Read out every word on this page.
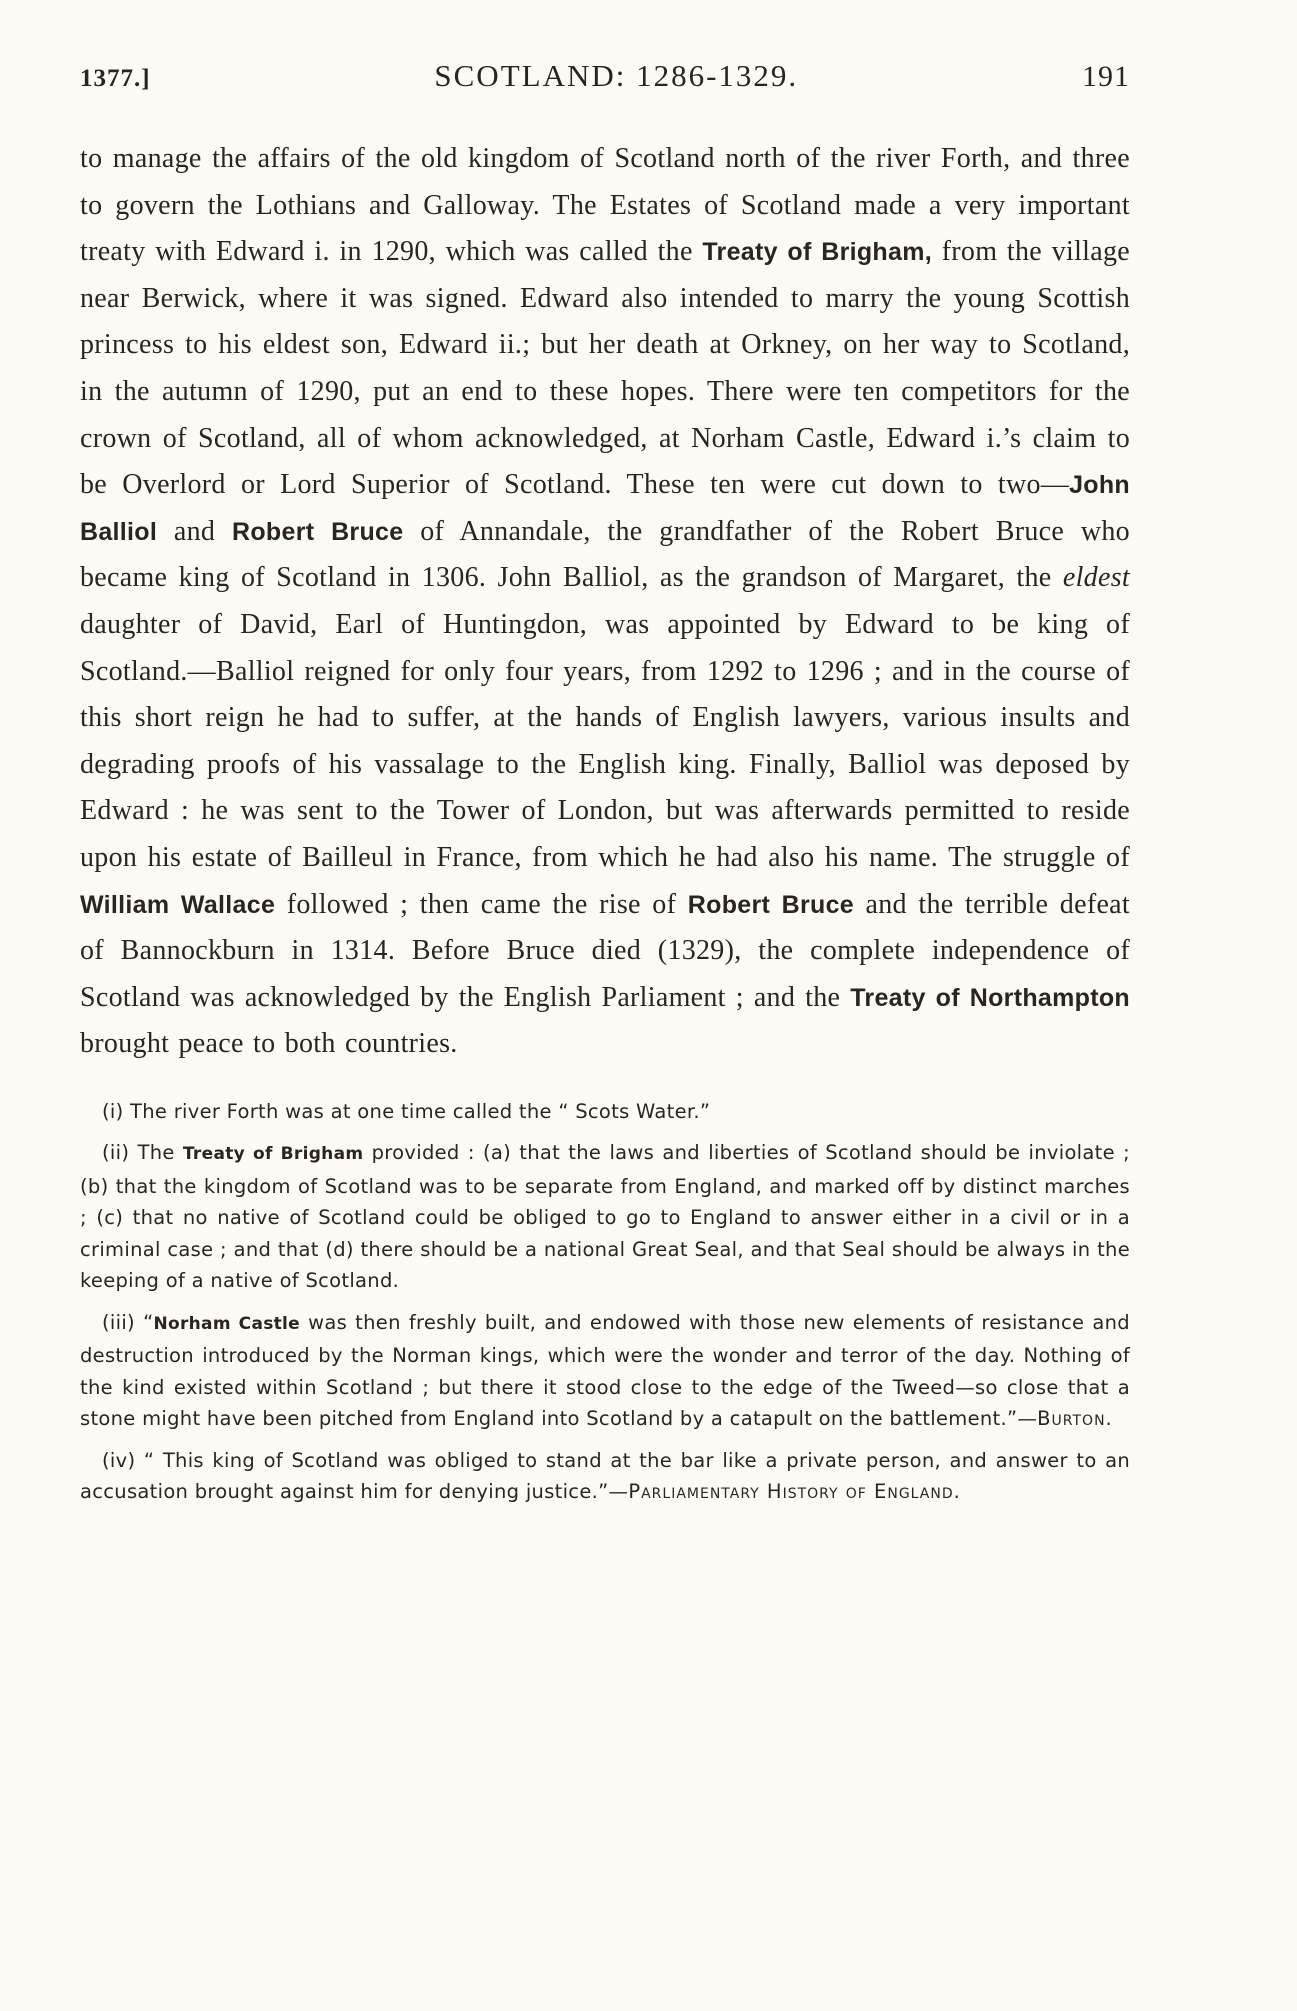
1377.]	SCOTLAND: 1286-1329.	191

to manage the affairs of the old kingdom of Scotland north of the river Forth, and three to govern the Lothians and Galloway. The Estates of Scotland made a very important treaty with Edward i. in 1290, which was called the Treaty of Brigham, from the village near Berwick, where it was signed. Edward also intended to marry the young Scottish princess to his eldest son, Edward ii.; but her death at Orkney, on her way to Scotland, in the autumn of 1290, put an end to these hopes. There were ten competitors for the crown of Scotland, all of whom acknowledged, at Norham Castle, Edward i.’s claim to be Overlord or Lord Superior of Scotland. These ten were cut down to two—John Balliol and Robert Bruce of Annandale, the grandfather of the Robert Bruce who became king of Scotland in 1306. John Balliol, as the grandson of Margaret, the eldest daughter of David, Earl of Huntingdon, was appointed by Edward to be king of Scotland.—Balliol reigned for only four years, from 1292 to 1296 ; and in the course of this short reign he had to suffer, at the hands of English lawyers, various insults and degrading proofs of his vassalage to the English king. Finally, Balliol was deposed by Edward : he was sent to the Tower of London, but was afterwards permitted to reside upon his estate of Bailleul in France, from which he had also his name. The struggle of William Wallace followed ; then came the rise of Robert Bruce and the terrible defeat of Bannockburn in 1314. Before Bruce died (1329), the complete independence of Scotland was acknowledged by the English Parliament ; and the Treaty of Northampton brought peace to both countries.

(i) The river Forth was at one time called the “ Scots Water.”

(ii) The Treaty of Brigham provided : (a) that the laws and liberties of Scotland should be inviolate ; (b) that the kingdom of Scotland was to be separate from England, and marked off by distinct marches ; (c) that no native of Scotland could be obliged to go to England to answer either in a civil or in a criminal case ; and that (d) there should be a national Great Seal, and that Seal should be always in the keeping of a native of Scotland.

(iii) “Norham Castle was then freshly built, and endowed with those new elements of resistance and destruction introduced by the Norman kings, which were the wonder and terror of the day. Nothing of the kind existed within Scotland ; but there it stood close to the edge of the Tweed—so close that a stone might have been pitched from England into Scotland by a catapult on the battlement.”—Burton.

(iv) “ This king of Scotland was obliged to stand at the bar like a private person, and answer to an accusation brought against him for denying justice.”—Parliamentary History of England.
